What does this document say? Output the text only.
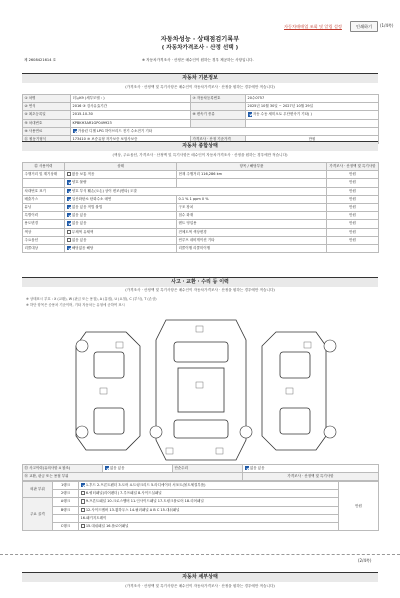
자동차매매업 조회 및 알림 설정	인쇄하기	(1/4쪽)
자동차성능 · 상태점검기록부
( 자동차가격조사 · 산정 선택 )
제 2608421614 호	※ 자동차가격조사 · 산정은 매수인이 원하는 경우 제공하는 사항입니다.
자동차 기본정보
(가격조사 · 산정액 및 특기사항은 매수인이 자동차가격조사 · 산정을 원하는 경우에만 적습니다)
① 차명	더뉴K9 (세부모델 : )	⑦ 자동차등록번호	20수0757
② 연식	2016 ③ 검사유효기간		2025년 10월 30일 ~ 2027년 10월 29일
④ 최초등록일	2015-10-30	⑧ 변속기 종류	자동 수동 세미오토 무단변속기 기타( )
⑤ 차대번호	KPBKH3AR1GP049923		
⑨ 사용연료	가솔린 디젤 LPG 하이브리드 전기 수소전기 기타		
⑪ 원동기형식	173410 ⑩ 보증유형 자가보증 보험사보증	가격조사 · 산정 기준가격	만원
자동차 종합상태
(색상, 주요옵션, 가격조사 · 산정액 및 특기사항은 매수인이 자동차가격조사 · 산정을 원하는 경우에만 적습니다)
⑫ 사용이력	상태	항목 / 해당부품	가격조사 · 산정액 및 특기사항
주행거리 및 계기상태	많음 보통 적음	현재 주행거리 116,286 km	만원
	양호 불량		만원
차대번호 표기	양호 부식 훼손(오손) 상이 변조(변타) 도말		만원
배출가스	일산화탄소 탄화수소 매연	0.1 % 1 ppm 0 %	만원
튜닝	없음 있음 적법 불법	구조 장치	만원
특별이력	없음 있음	침수 화재	만원
용도변경	없음 있음	렌트 영업용	만원
색상	무채색 유채색	전체도색 색상변경	만원
주요옵션	없음 있음	썬루프 네비게이션 기타	만원
리콜대상	해당없음 해당	리콜이행 리콜미이행	
사고 · 교환 · 수리 등 이력
(가격조사 · 산정액 및 특기사항은 매수인이 자동차가격조사 · 산정을 원하는 경우에만 적습니다)
※ 상태표시 부호 : X (교환), W (판금 또는 용접), A (흠집), U (요철), C (부식), T (손상)
※ 하단 항목은 승용차 기준이며, 기타 자동차는 유형에 준하여 표시
⑬ 사고이력(유의사항 4 참조)	없음 있음	단순수리	없음 있음
⑭ 교환, 판금 또는 용접 부위			가격조사 · 산정액 및 특기사항
외판 부위	1랭크	1.후드 2.프론트펜더 3.도어 4.트렁크리드 5.라디에이터 서포트(볼트체결부품)	만원
	2랭크	6.쿼터패널(리어펜더) 7.루프패널 8.사이드실패널	
주요 골격	A랭크	9.프론트패널 10.크로스멤버 11.인사이드패널 17.트렁크플로어 18.리어패널	
	B랭크	12.사이드멤버 13.휠하우스 14.필러패널 A B C 15.대쉬패널	
		16.패키지트레이	
	C랭크	15.대쉬패널 16.플로어패널	
(2/4쪽)
자동차 세부상태
(가격조사 · 산정액 및 특기사항은 매수인이 자동차가격조사 · 산정을 원하는 경우에만 적습니다)
